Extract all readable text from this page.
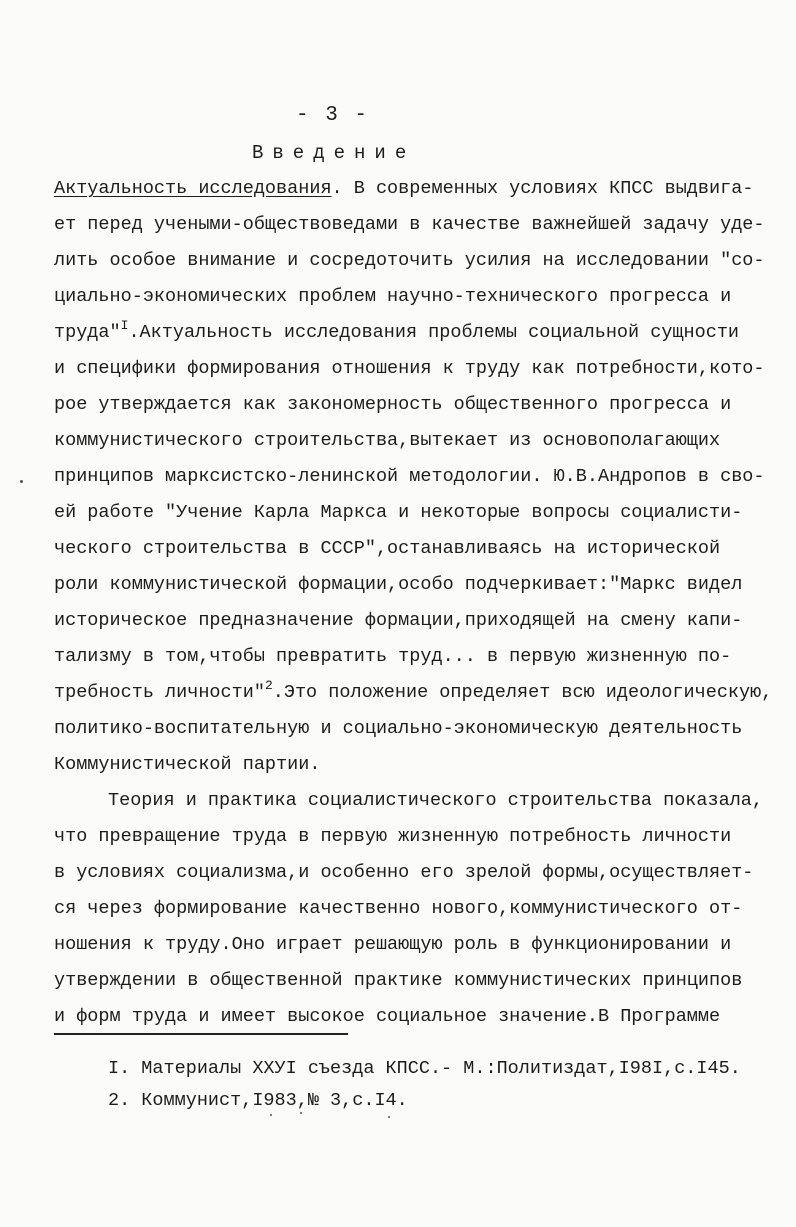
- 3 -
Введение
Актуальность исследования. В современных условиях КПСС выдвига-
ет перед учеными-обществоведами в качестве важнейшей задачу уде-
лить особое внимание и сосредоточить усилия на исследовании "со-
циально-экономических проблем научно-технического прогресса и
труда"$^I$.Актуальность исследования проблемы социальной сущности
и специфики формирования отношения к труду как потребности,кото-
рое утверждается как закономерность общественного прогресса и
коммунистического строительства,вытекает из основополагающих
принципов марксистско-ленинской методологии. Ю.В.Андропов в сво-
ей работе "Учение Карла Маркса и некоторые вопросы социалисти-
ческого строительства в СССР",останавливаясь на исторической
роли коммунистической формации,особо подчеркивает:"Маркс видел
историческое предназначение формации,приходящей на смену капи-
тализму в том,чтобы превратить труд... в первую жизненную по-
требность личности"$^2$.Это положение определяет всю идеологическую,
политико-воспитательную и социально-экономическую деятельность
Коммунистической партии.
Теория и практика социалистического строительства показала,
что превращение труда в первую жизненную потребность личности
в условиях социализма,и особенно его зрелой формы,осуществляет-
ся через формирование качественно нового,коммунистического от-
ношения к труду.Оно играет решающую роль в функционировании и
утверждении в общественной практике коммунистических принципов
и форм труда и имеет высокое социальное значение.В Программе
I. Материалы ХХУI съезда КПСС.- М.:Политиздат,I98I,с.I45.
2. Коммунист,I983,№ 3,с.I4.
